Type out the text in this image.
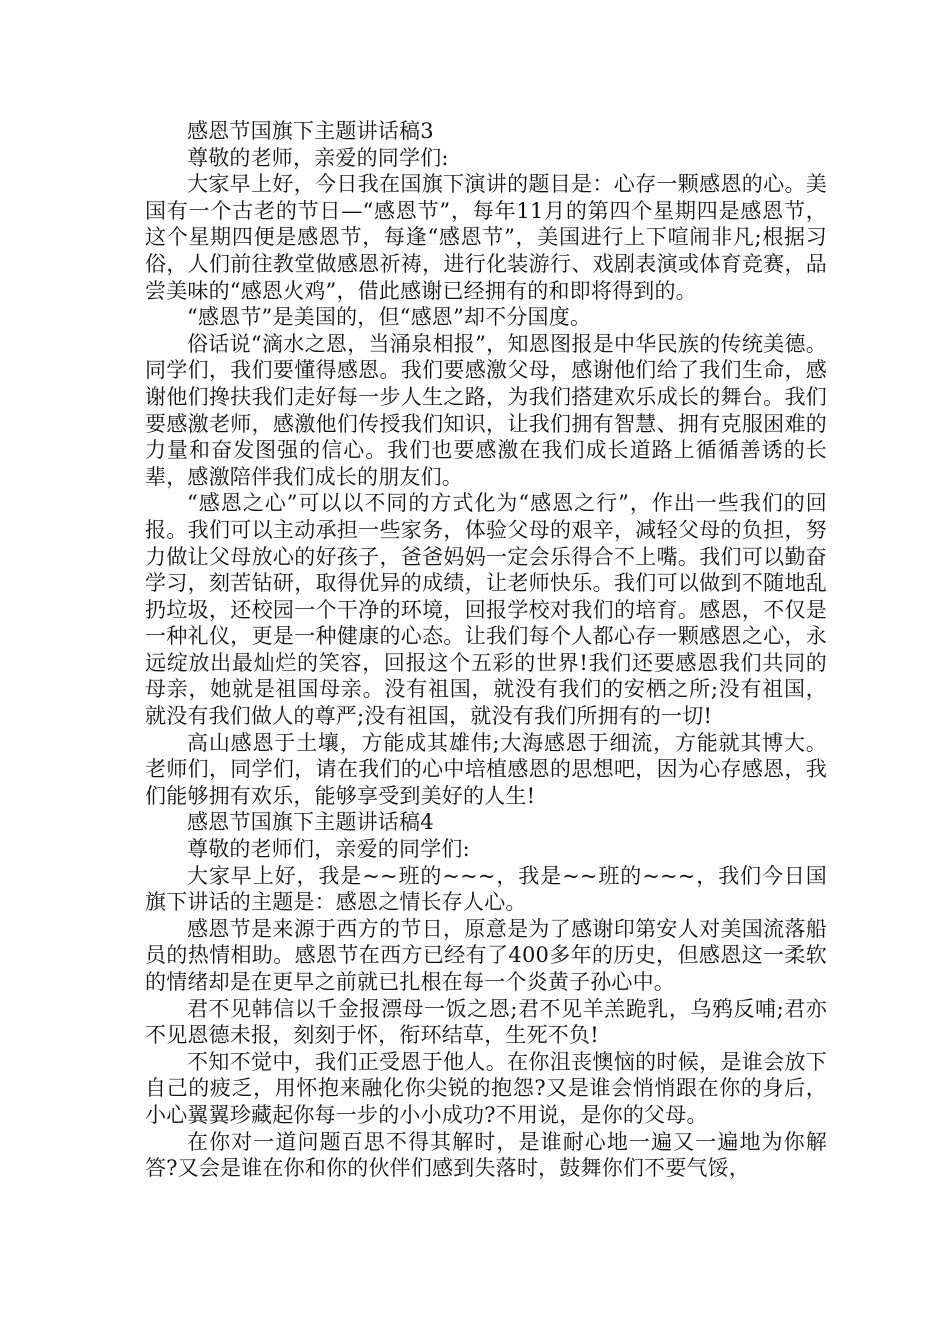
感恩节国旗下主题讲话稿3

尊敬的老师，亲爱的同学们:

大家早上好，今日我在国旗下演讲的题目是：心存一颗感恩的心。美国有一个古老的节日—“感恩节”，每年11月的第四个星期四是感恩节，这个星期四便是感恩节，每逢“感恩节”，美国进行上下喧闹非凡;根据习俗，人们前往教堂做感恩祈祷，进行化装游行、戏剧表演或体育竞赛，品尝美味的“感恩火鸡”，借此感谢已经拥有的和即将得到的。

“感恩节”是美国的，但“感恩”却不分国度。

俗话说“滴水之恩，当涌泉相报”，知恩图报是中华民族的传统美德。同学们，我们要懂得感恩。我们要感激父母，感谢他们给了我们生命，感谢他们搀扶我们走好每一步人生之路，为我们搭建欢乐成长的舞台。我们要感激老师，感激他们传授我们知识，让我们拥有智慧、拥有克服困难的力量和奋发图强的信心。我们也要感激在我们成长道路上循循善诱的长辈，感激陪伴我们成长的朋友们。

“感恩之心”可以以不同的方式化为“感恩之行”，作出一些我们的回报。我们可以主动承担一些家务，体验父母的艰辛，减轻父母的负担，努力做让父母放心的好孩子，爸爸妈妈一定会乐得合不上嘴。我们可以勤奋学习，刻苦钻研，取得优异的成绩，让老师快乐。我们可以做到不随地乱扔垃圾，还校园一个干净的环境，回报学校对我们的培育。感恩，不仅是一种礼仪，更是一种健康的心态。让我们每个人都心存一颗感恩之心，永远绽放出最灿烂的笑容，回报这个五彩的世界!我们还要感恩我们共同的母亲，她就是祖国母亲。没有祖国，就没有我们的安栖之所;没有祖国，就没有我们做人的尊严;没有祖国，就没有我们所拥有的一切!

高山感恩于土壤，方能成其雄伟;大海感恩于细流，方能就其博大。老师们，同学们，请在我们的心中培植感恩的思想吧，因为心存感恩，我们能够拥有欢乐，能够享受到美好的人生!

感恩节国旗下主题讲话稿4

尊敬的老师们，亲爱的同学们:

大家早上好，我是~~班的~~~，我是~~班的~~~，我们今日国旗下讲话的主题是：感恩之情长存人心。

感恩节是来源于西方的节日，原意是为了感谢印第安人对美国流落船员的热情相助。感恩节在西方已经有了400多年的历史，但感恩这一柔软的情绪却是在更早之前就已扎根在每一个炎黄子孙心中。

君不见韩信以千金报漂母一饭之恩;君不见羊羔跪乳，乌鸦反哺;君亦不见恩德未报，刻刻于怀，衔环结草，生死不负!

不知不觉中，我们正受恩于他人。在你沮丧懊恼的时候，是谁会放下自己的疲乏，用怀抱来融化你尖锐的抱怨?又是谁会悄悄跟在你的身后，小心翼翼珍藏起你每一步的小小成功?不用说，是你的父母。

在你对一道问题百思不得其解时，是谁耐心地一遍又一遍地为你解答?又会是谁在你和你的伙伴们感到失落时，鼓舞你们不要气馁，
